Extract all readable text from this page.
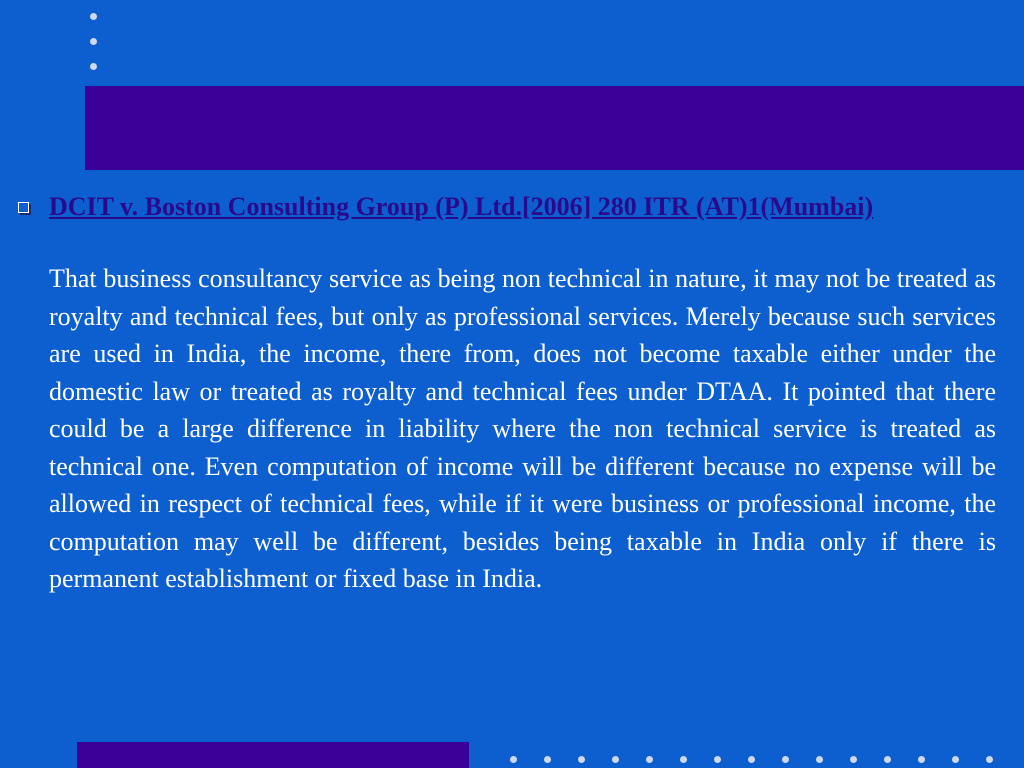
DCIT v. Boston Consulting Group (P) Ltd.[2006] 280 ITR (AT)1(Mumbai)

That business consultancy service as being non technical in nature, it may not be treated as royalty and technical fees, but only as professional services. Merely because such services are used in India, the income, there from, does not become taxable either under the domestic law or treated as royalty and technical fees under DTAA. It pointed that there could be a large difference in liability where the non technical service is treated as technical one. Even computation of income will be different because no expense will be allowed in respect of technical fees, while if it were business or professional income, the computation may well be different, besides being taxable in India only if there is permanent establishment or fixed base in India.
